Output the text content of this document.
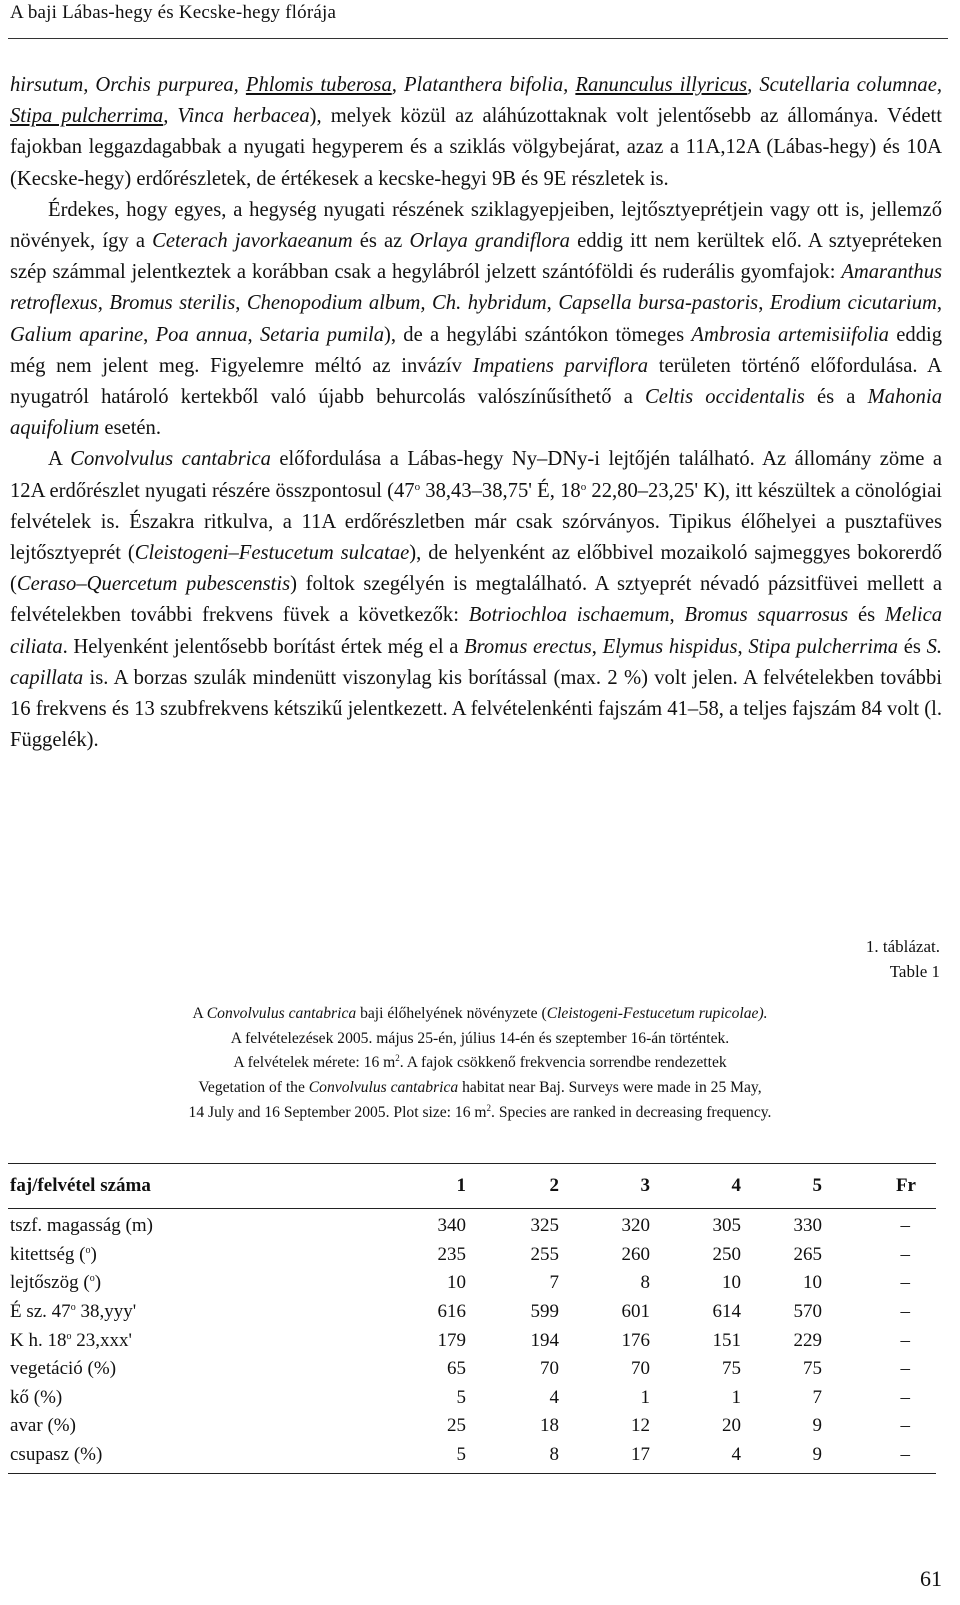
A baji Lábas-hegy és Kecske-hegy flórája

hirsutum, Orchis purpurea, Phlomis tuberosa, Platanthera bifolia, Ranunculus illyricus, Scutellaria columnae, Stipa pulcherrima, Vinca herbacea), melyek közül az aláhúzottaknak volt jelentősebb az állománya. Védett fajokban leggazdagabbak a nyugati hegyperem és a sziklás völgybejárat, azaz a 11A,12A (Lábas-hegy) és 10A (Kecske-hegy) erdőrészletek, de értékesek a kecske-hegyi 9B és 9E részletek is.

Érdekes, hogy egyes, a hegység nyugati részének sziklagyepjeiben, lejtősztyeprétjein vagy ott is, jellemző növények, így a Ceterach javorkaeanum és az Orlaya grandiflora eddig itt nem kerültek elő. A sztyepréteken szép számmal jelentkeztek a korábban csak a hegylábról jelzett szántóföldi és ruderális gyomfajok: Amaranthus retroflexus, Bromus sterilis, Chenopodium album, Ch. hybridum, Capsella bursa-pastoris, Erodium cicutarium, Galium aparine, Poa annua, Setaria pumila), de a hegylábi szántókon tömeges Ambrosia artemisiifolia eddig még nem jelent meg. Figyelemre méltó az invázív Impatiens parviflora területen történő előfordulása. A nyugatról határoló kertekből való újabb behurcolás valószínűsíthető a Celtis occidentalis és a Mahonia aquifolium esetén.

A Convolvulus cantabrica előfordulása a Lábas-hegy Ny–DNy-i lejtőjén található. Az állomány zöme a 12A erdőrészlet nyugati részére összpontosul (47$^o$ 38,43–38,75' É, 18$^o$ 22,80–23,25' K), itt készültek a cönológiai felvételek is. Északra ritkulva, a 11A erdőrészletben már csak szórványos. Tipikus élőhelyei a pusztafüves lejtősztyeprét (Cleistogeni–Festucetum sulcatae), de helyenként az előbbivel mozaikoló sajmeggyes bokorerdő (Ceraso–Quercetum pubescenstis) foltok szegélyén is megtalálható. A sztyeprét névadó pázsitfüvei mellett a felvételekben további frekvens füvek a következők: Botriochloa ischaemum, Bromus squarrosus és Melica ciliata. Helyenként jelentősebb borítást értek még el a Bromus erectus, Elymus hispidus, Stipa pulcherrima és S. capillata is. A borzas szulák mindenütt viszonylag kis borítással (max. 2 %) volt jelen. A felvételekben további 16 frekvens és 13 szubfrekvens kétszikű jelentkezett. A felvételenkénti fajszám 41–58, a teljes fajszám 84 volt (l. Függelék).

1. táblázat.
Table 1
A Convolvulus cantabrica baji élőhelyének növényzete (Cleistogeni-Festucetum rupicolae).
A felvételezések 2005. május 25-én, július 14-én és szeptember 16-án történtek.
A felvételek mérete: 16 $m^2$. A fajok csökkenő frekvencia sorrendbe rendezettek
Vegetation of the Convolvulus cantabrica habitat near Baj. Surveys were made in 25 May,
14 July and 16 September 2005. Plot size: 16 $m^2$. Species are ranked in decreasing frequency.
faj/felvétel száma	1	2	3	4	5	Fr

tszf. magasság (m)	340	325	320	305	330	–
kitettség ($^o$)	235	255	260	250	265	–
lejtőszög ($^o$)	10	7	8	10	10	–
É sz. 47$^o$ 38,yyy'	616	599	601	614	570	–
K h. 18$^o$ 23,xxx'	179	194	176	151	229	–
vegetáció (%)	65	70	70	75	75	–
kő (%)	5	4	1	1	7	–
avar (%)	25	18	12	20	9	–
csupasz (%)	5	8	17	4	9	–
61
